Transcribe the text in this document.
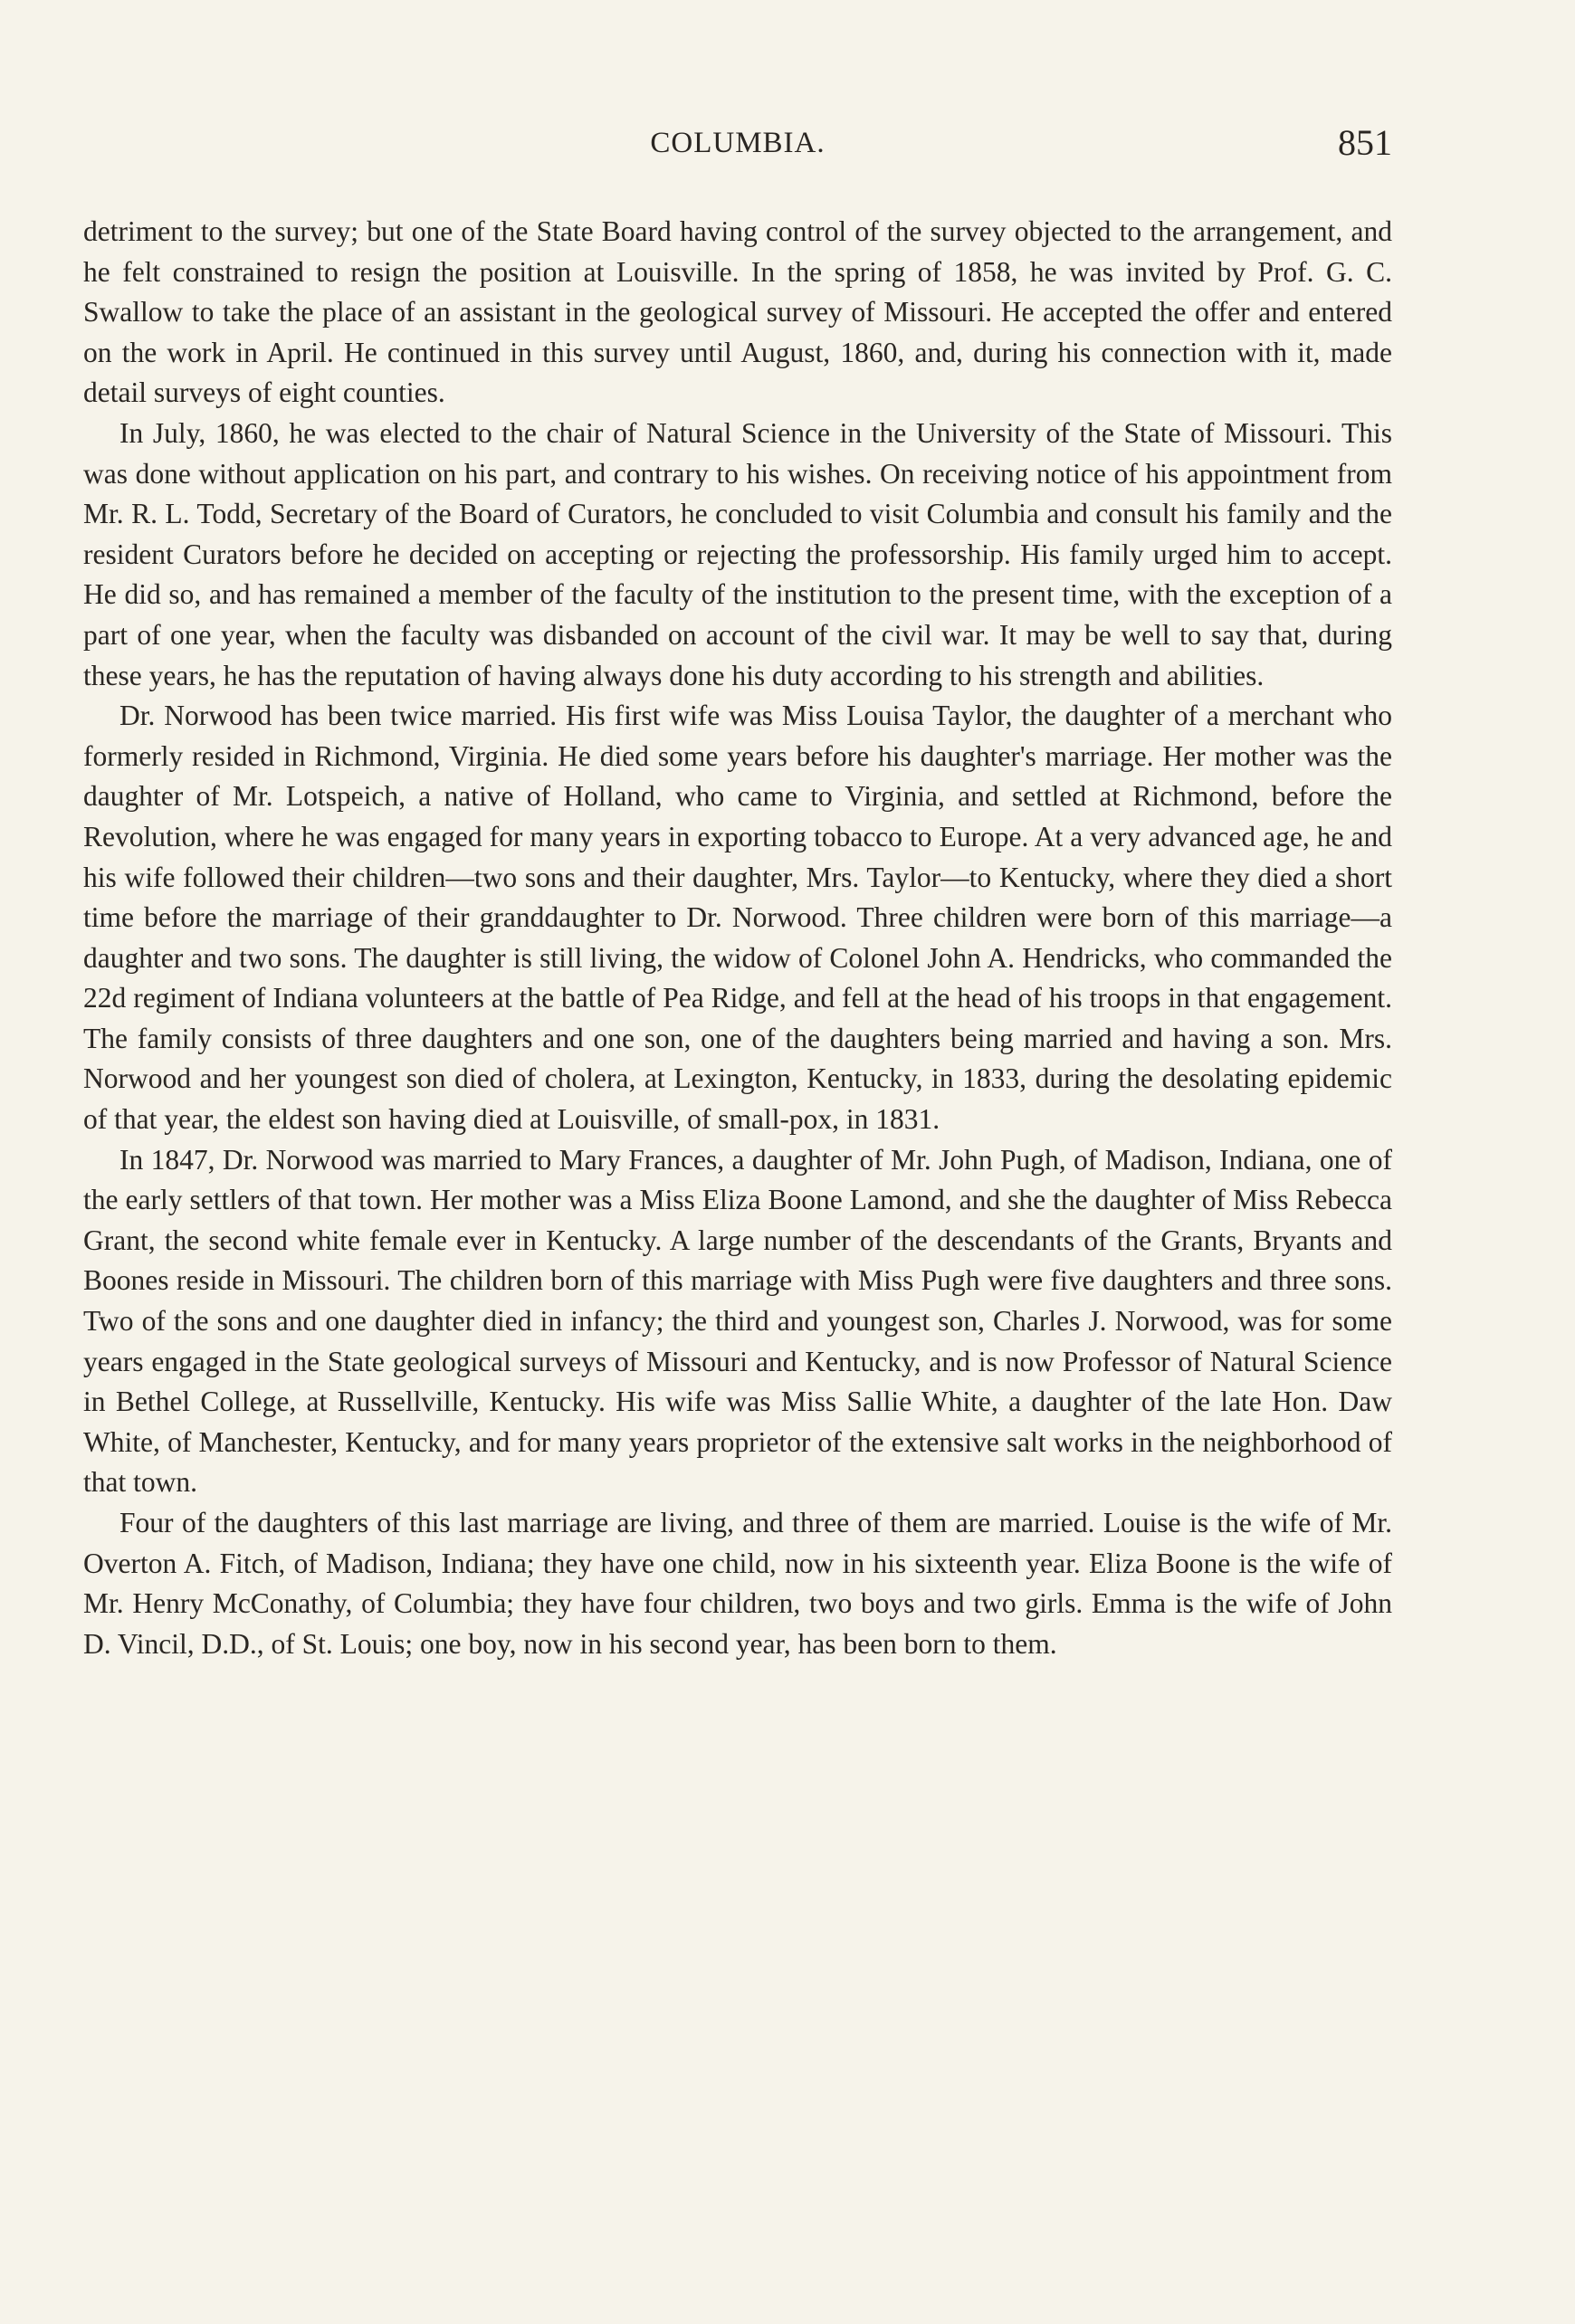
COLUMBIA.	851

detriment to the survey; but one of the State Board having control of the survey objected to the arrangement, and he felt constrained to resign the position at Louisville. In the spring of 1858, he was invited by Prof. G. C. Swallow to take the place of an assistant in the geological survey of Missouri. He accepted the offer and entered on the work in April. He continued in this survey until August, 1860, and, during his connection with it, made detail surveys of eight counties.

In July, 1860, he was elected to the chair of Natural Science in the University of the State of Missouri. This was done without application on his part, and contrary to his wishes. On receiving notice of his appointment from Mr. R. L. Todd, Secretary of the Board of Curators, he concluded to visit Columbia and consult his family and the resident Curators before he decided on accepting or rejecting the professorship. His family urged him to accept. He did so, and has remained a member of the faculty of the institution to the present time, with the exception of a part of one year, when the faculty was disbanded on account of the civil war. It may be well to say that, during these years, he has the reputation of having always done his duty according to his strength and abilities.

Dr. Norwood has been twice married. His first wife was Miss Louisa Taylor, the daughter of a merchant who formerly resided in Richmond, Virginia. He died some years before his daughter's marriage. Her mother was the daughter of Mr. Lotspeich, a native of Holland, who came to Virginia, and settled at Richmond, before the Revolution, where he was engaged for many years in exporting tobacco to Europe. At a very advanced age, he and his wife followed their children—two sons and their daughter, Mrs. Taylor—to Kentucky, where they died a short time before the marriage of their granddaughter to Dr. Norwood. Three children were born of this marriage—a daughter and two sons. The daughter is still living, the widow of Colonel John A. Hendricks, who commanded the 22d regiment of Indiana volunteers at the battle of Pea Ridge, and fell at the head of his troops in that engagement. The family consists of three daughters and one son, one of the daughters being married and having a son. Mrs. Norwood and her youngest son died of cholera, at Lexington, Kentucky, in 1833, during the desolating epidemic of that year, the eldest son having died at Louisville, of small-pox, in 1831.

In 1847, Dr. Norwood was married to Mary Frances, a daughter of Mr. John Pugh, of Madison, Indiana, one of the early settlers of that town. Her mother was a Miss Eliza Boone Lamond, and she the daughter of Miss Rebecca Grant, the second white female ever in Kentucky. A large number of the descendants of the Grants, Bryants and Boones reside in Missouri. The children born of this marriage with Miss Pugh were five daughters and three sons. Two of the sons and one daughter died in infancy; the third and youngest son, Charles J. Norwood, was for some years engaged in the State geological surveys of Missouri and Kentucky, and is now Professor of Natural Science in Bethel College, at Russellville, Kentucky. His wife was Miss Sallie White, a daughter of the late Hon. Daw White, of Manchester, Kentucky, and for many years proprietor of the extensive salt works in the neighborhood of that town.

Four of the daughters of this last marriage are living, and three of them are married. Louise is the wife of Mr. Overton A. Fitch, of Madison, Indiana; they have one child, now in his sixteenth year. Eliza Boone is the wife of Mr. Henry McConathy, of Columbia; they have four children, two boys and two girls. Emma is the wife of John D. Vincil, D.D., of St. Louis; one boy, now in his second year, has been born to them.
